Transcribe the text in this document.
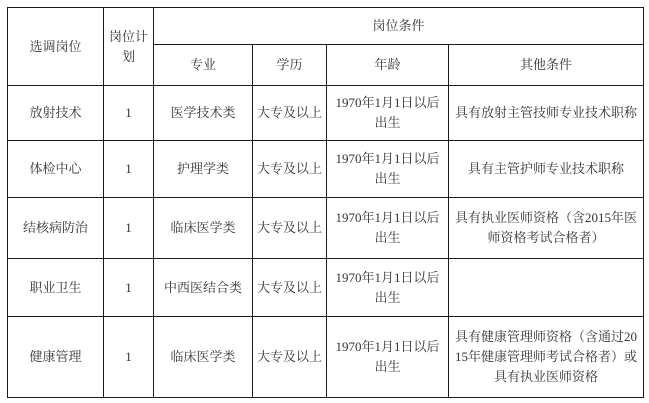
选调岗位	岗位计划	岗位条件			
		专业	学历	年龄	其他条件
放射技术	1	医学技术类	大专及以上	1970年1月1日以后出生	具有放射主管技师专业技术职称
体检中心	1	护理学类	大专及以上	1970年1月1日以后出生	具有主管护师专业技术职称
结核病防治	1	临床医学类	大专及以上	1970年1月1日以后出生	具有执业医师资格（含2015年医师资格考试合格者）
职业卫生	1	中西医结合类	大专及以上	1970年1月1日以后出生	
健康管理	1	临床医学类	大专及以上	1970年1月1日以后出生	具有健康管理师资格（含通过2015年健康管理师考试合格者）或具有执业医师资格
